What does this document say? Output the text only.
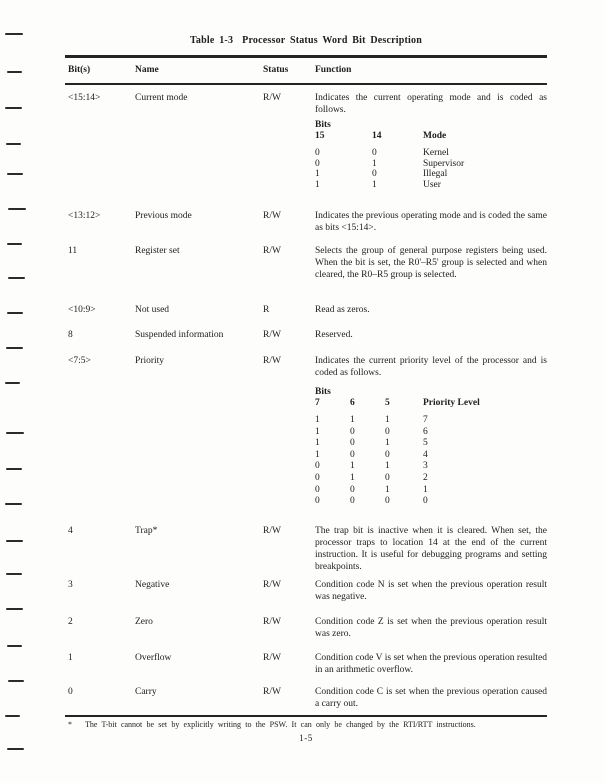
Table 1-3 Processor Status Word Bit Description
Bit(s)	Name	Status	Function
<15:14>	Current mode	R/W	Indicates the current operating mode and is coded as follows.

Bits
15	14	Mode
0	0	Kernel
0	1	Supervisor
1	0	Illegal
1	1	User
<13:12>	Previous mode	R/W	Indicates the previous operating mode and is coded the same as bits <15:14>.

11	Register set	R/W	Selects the group of general purpose registers being used. When the bit is set, the R0'–R5' group is selected and when cleared, the R0–R5 group is selected.

<10:9>	Not used	R	Read as zeros.

8	Suspended information	R/W	Reserved.

<7:5>	Priority	R/W	Indicates the current priority level of the processor and is coded as follows.

Bits
7	6	5	Priority Level
1	1	1	7
1	0	0	6
1	0	1	5
1	0	0	4
0	1	1	3
0	1	0	2
0	0	1	1
0	0	0	0
4	Trap*	R/W	The trap bit is inactive when it is cleared. When set, the processor traps to location 14 at the end of the current instruction. It is useful for debugging programs and setting breakpoints.

3	Negative	R/W	Condition code N is set when the previous operation result was negative.

2	Zero	R/W	Condition code Z is set when the previous operation result was zero.

1	Overflow	R/W	Condition code V is set when the previous operation resulted in an arithmetic overflow.

0	Carry	R/W	Condition code C is set when the previous operation caused a carry out.

* The T-bit cannot be set by explicitly writing to the PSW. It can only be changed by the RTI/RTT instructions.
1-5
